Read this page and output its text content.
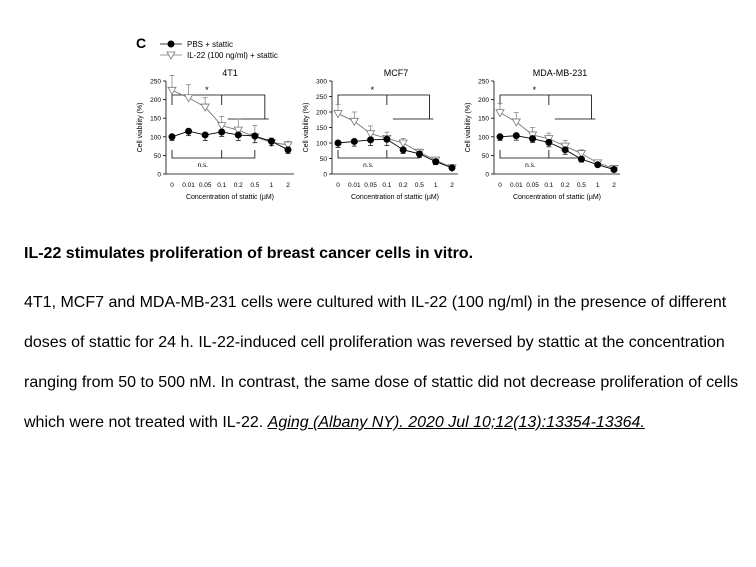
C	PBS + stattic
IL-22 (100 ng/ml) + stattic
4T1
0
50
100
150
200
250
0 0.01 0.05 0.1 0.2 0.5 1 2
Cell viability (%)
Concentration of stattic (µM)
*
n.s.
MCF7
0
50
100
150
200
250
300
0 0.01 0.05 0.1 0.2 0.5 1 2
Cell viability (%)
Concentration of stattic (µM)
*
n.s.
MDA-MB-231
0
50
100
150
200
250
0 0.01 0.05 0.1 0.2 0.5 1 2
Cell viability (%)
Concentration of stattic (µM)
*
n.s.
IL-22 stimulates proliferation of breast cancer cells in vitro.

4T1, MCF7 and MDA-MB-231 cells were cultured with IL-22 (100 ng/ml) in the presence of different doses of stattic for 24 h. IL-22-induced cell proliferation was reversed by stattic at the concentration ranging from 50 to 500 nM. In contrast, the same dose of stattic did not decrease proliferation of cells which were not treated with IL-22. Aging (Albany NY). 2020 Jul 10;12(13):13354-13364.
